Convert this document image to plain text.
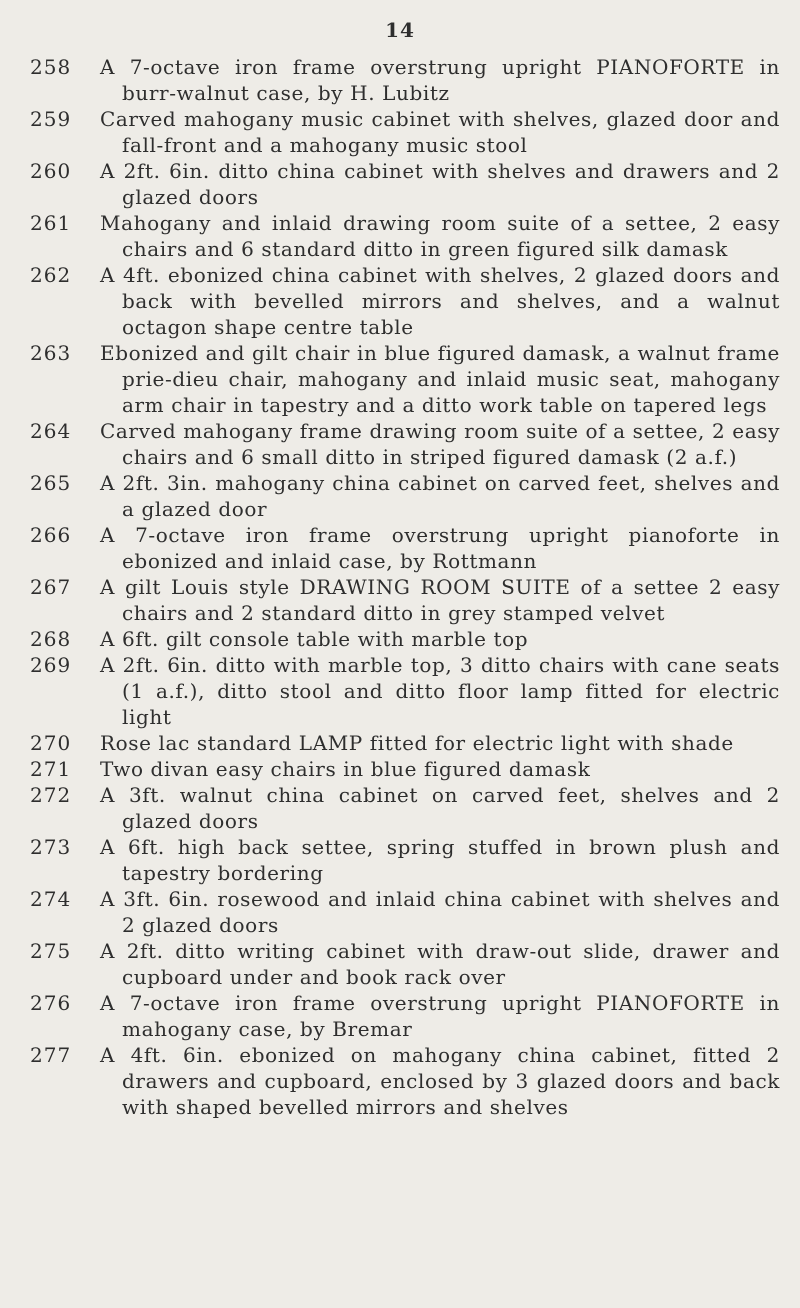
14
258	A 7-octave iron frame overstrung upright PIANOFORTE in burr-walnut case, by H. Lubitz
259	Carved mahogany music cabinet with shelves, glazed door and fall-front and a mahogany music stool
260	A 2ft. 6in. ditto china cabinet with shelves and drawers and 2 glazed doors
261	Mahogany and inlaid drawing room suite of a settee, 2 easy chairs and 6 standard ditto in green figured silk damask
262	A 4ft. ebonized china cabinet with shelves, 2 glazed doors and back with bevelled mirrors and shelves, and a walnut octagon shape centre table
263	Ebonized and gilt chair in blue figured damask, a walnut frame prie-dieu chair, mahogany and inlaid music seat, mahogany arm chair in tapestry and a ditto work table on tapered legs
264	Carved mahogany frame drawing room suite of a settee, 2 easy chairs and 6 small ditto in striped figured damask (2 a.f.)
265	A 2ft. 3in. mahogany china cabinet on carved feet, shelves and a glazed door
266	A 7-octave iron frame overstrung upright pianoforte in ebonized and inlaid case, by Rottmann
267	A gilt Louis style DRAWING ROOM SUITE of a settee 2 easy chairs and 2 standard ditto in grey stamped velvet
268	A 6ft. gilt console table with marble top
269	A 2ft. 6in. ditto with marble top, 3 ditto chairs with cane seats (1 a.f.), ditto stool and ditto floor lamp fitted for electric light
270	Rose lac standard LAMP fitted for electric light with shade
271	Two divan easy chairs in blue figured damask
272	A 3ft. walnut china cabinet on carved feet, shelves and 2 glazed doors
273	A 6ft. high back settee, spring stuffed in brown plush and tapestry bordering
274	A 3ft. 6in. rosewood and inlaid china cabinet with shelves and 2 glazed doors
275	A 2ft. ditto writing cabinet with draw-out slide, drawer and cupboard under and book rack over
276	A 7-octave iron frame overstrung upright PIANOFORTE in mahogany case, by Bremar
277	A 4ft. 6in. ebonized on mahogany china cabinet, fitted 2 drawers and cupboard, enclosed by 3 glazed doors and back with shaped bevelled mirrors and shelves
